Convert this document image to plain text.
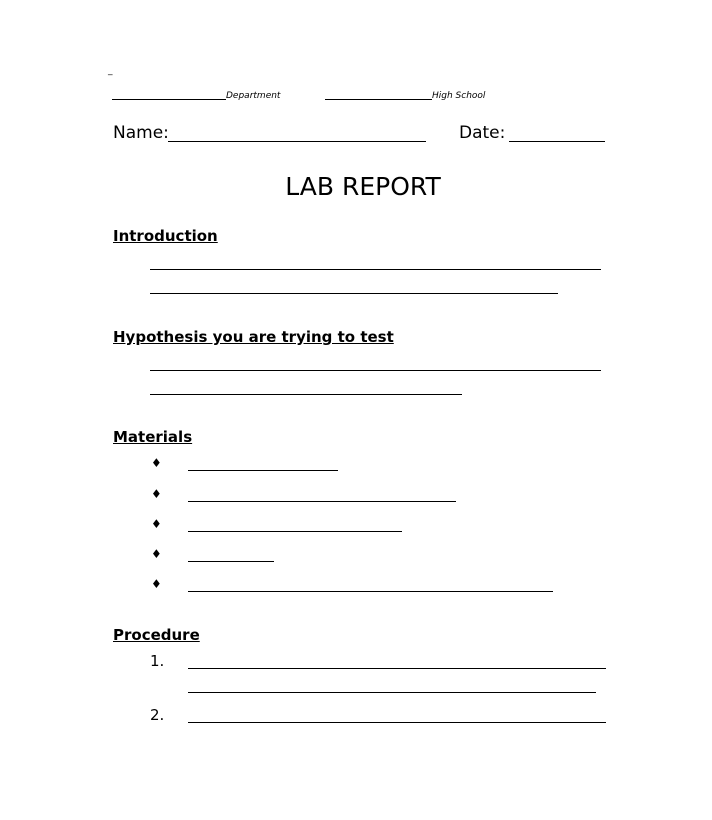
_
Department	High School
Name:	Date:
LAB REPORT
Introduction
Hypothesis you are trying to test
Materials
♦
♦
♦
♦
♦
Procedure
1.
2.
